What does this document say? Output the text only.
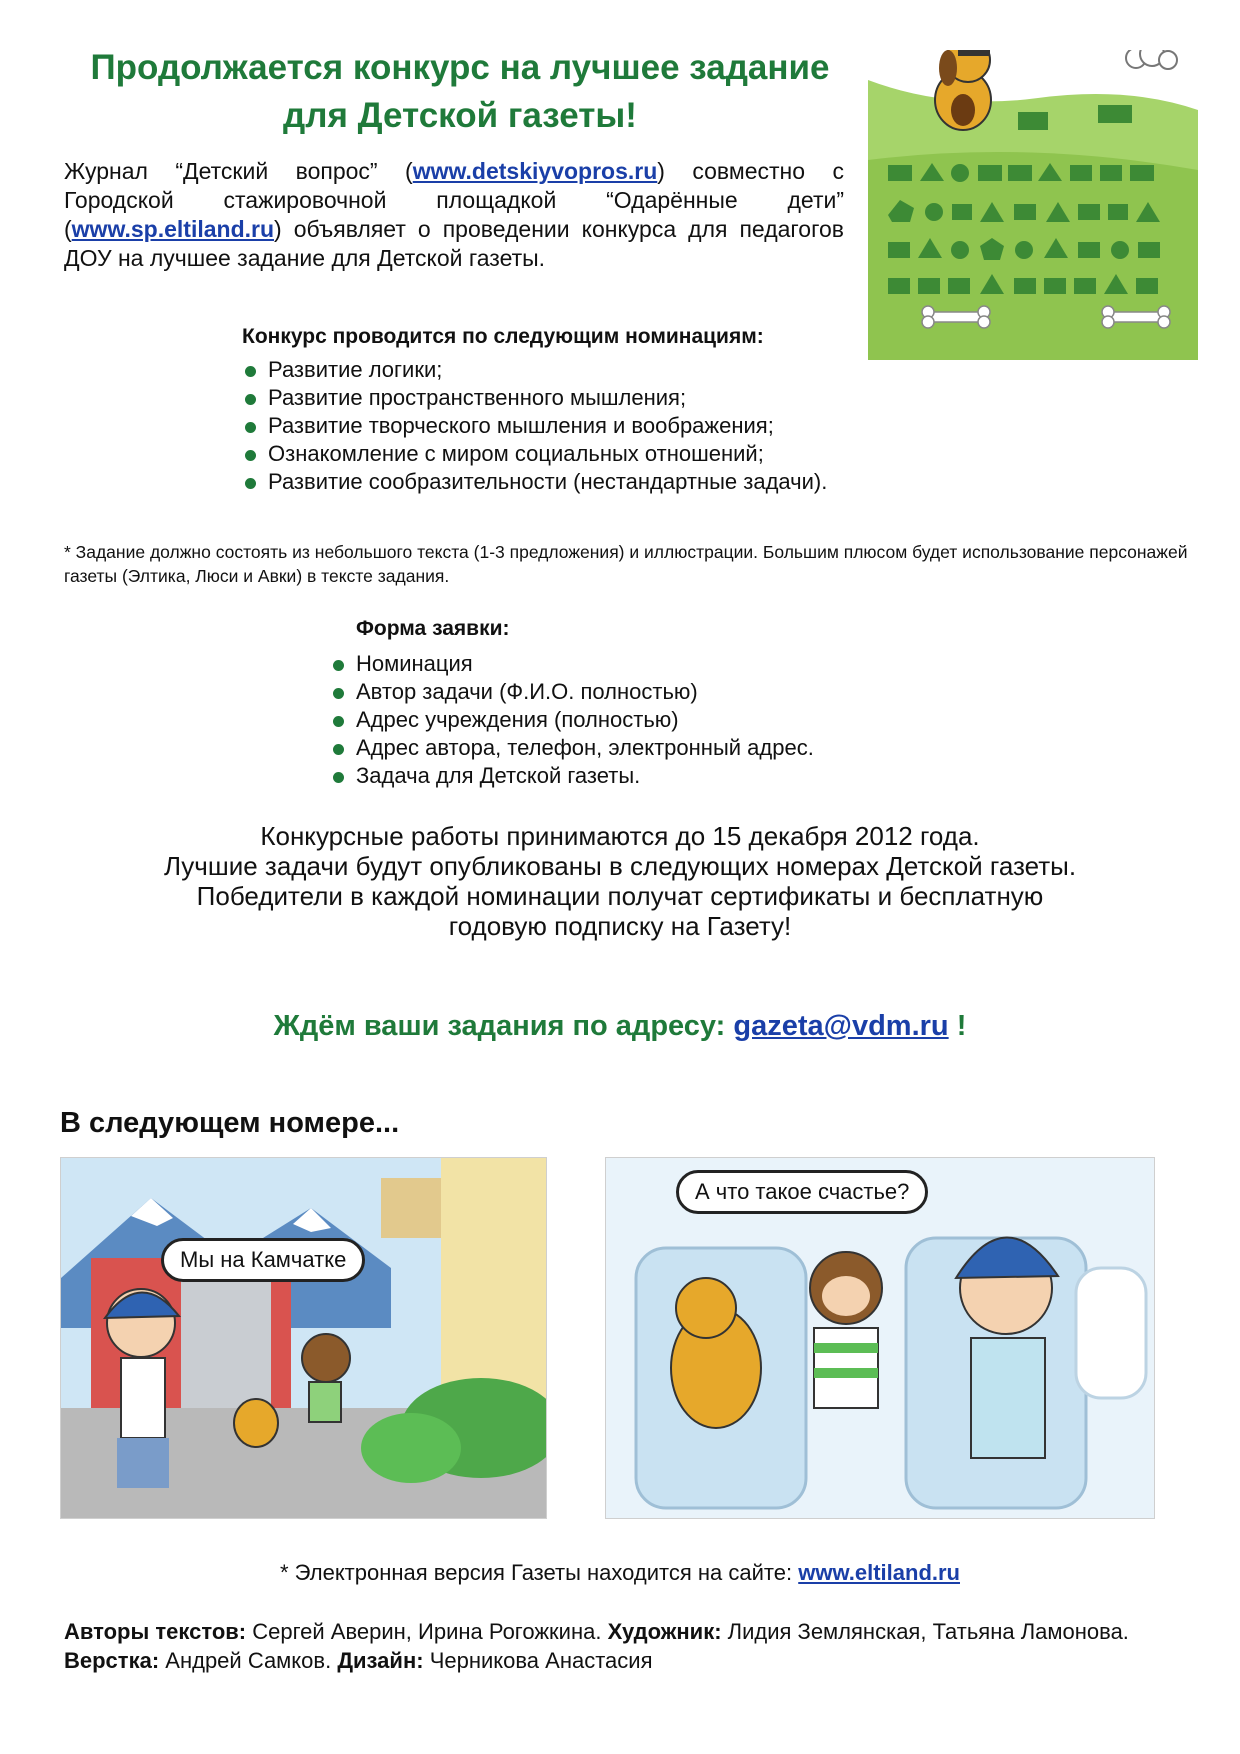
Продолжается конкурс на лучшее задание
для Детской газеты!
Журнал “Детский вопрос” (www.detskiyvopros.ru) совместно с Городской стажировочной площадкой “Одарённые дети” (www.sp.eltiland.ru) объявляет о проведении конкурса для педагогов ДОУ на лучшее задание для Детской газеты.
Конкурс проводится по следующим номинациям:
Развитие логики;
Развитие пространственного мышления;
Развитие творческого мышления и воображения;
Ознакомление с миром социальных отношений;
Развитие сообразительности (нестандартные задачи).
* Задание должно состоять из небольшого текста (1-3 предложения) и иллюстрации. Большим плюсом будет использование персонажей газеты (Элтика, Люси и Авки) в тексте задания.
Форма заявки:
Номинация
Автор задачи (Ф.И.О. полностью)
Адрес учреждения (полностью)
Адрес автора, телефон, электронный адрес.
Задача для Детской газеты.
Конкурсные работы принимаются до 15 декабря 2012 года.
Лучшие задачи будут опубликованы в следующих номерах Детской газеты.
Победители в каждой номинации получат сертификаты и бесплатную
годовую подписку на Газету!
Ждём ваши задания по адресу: gazeta@vdm.ru !
В следующем номере...
Мы на Камчатке
А что такое счастье?
* Электронная версия Газеты находится на сайте: www.eltiland.ru
Авторы текстов: Сергей Аверин, Ирина Рогожкина. Художник: Лидия Землянская, Татьяна Ламонова.
Верстка: Андрей Самков. Дизайн: Черникова Анастасия
